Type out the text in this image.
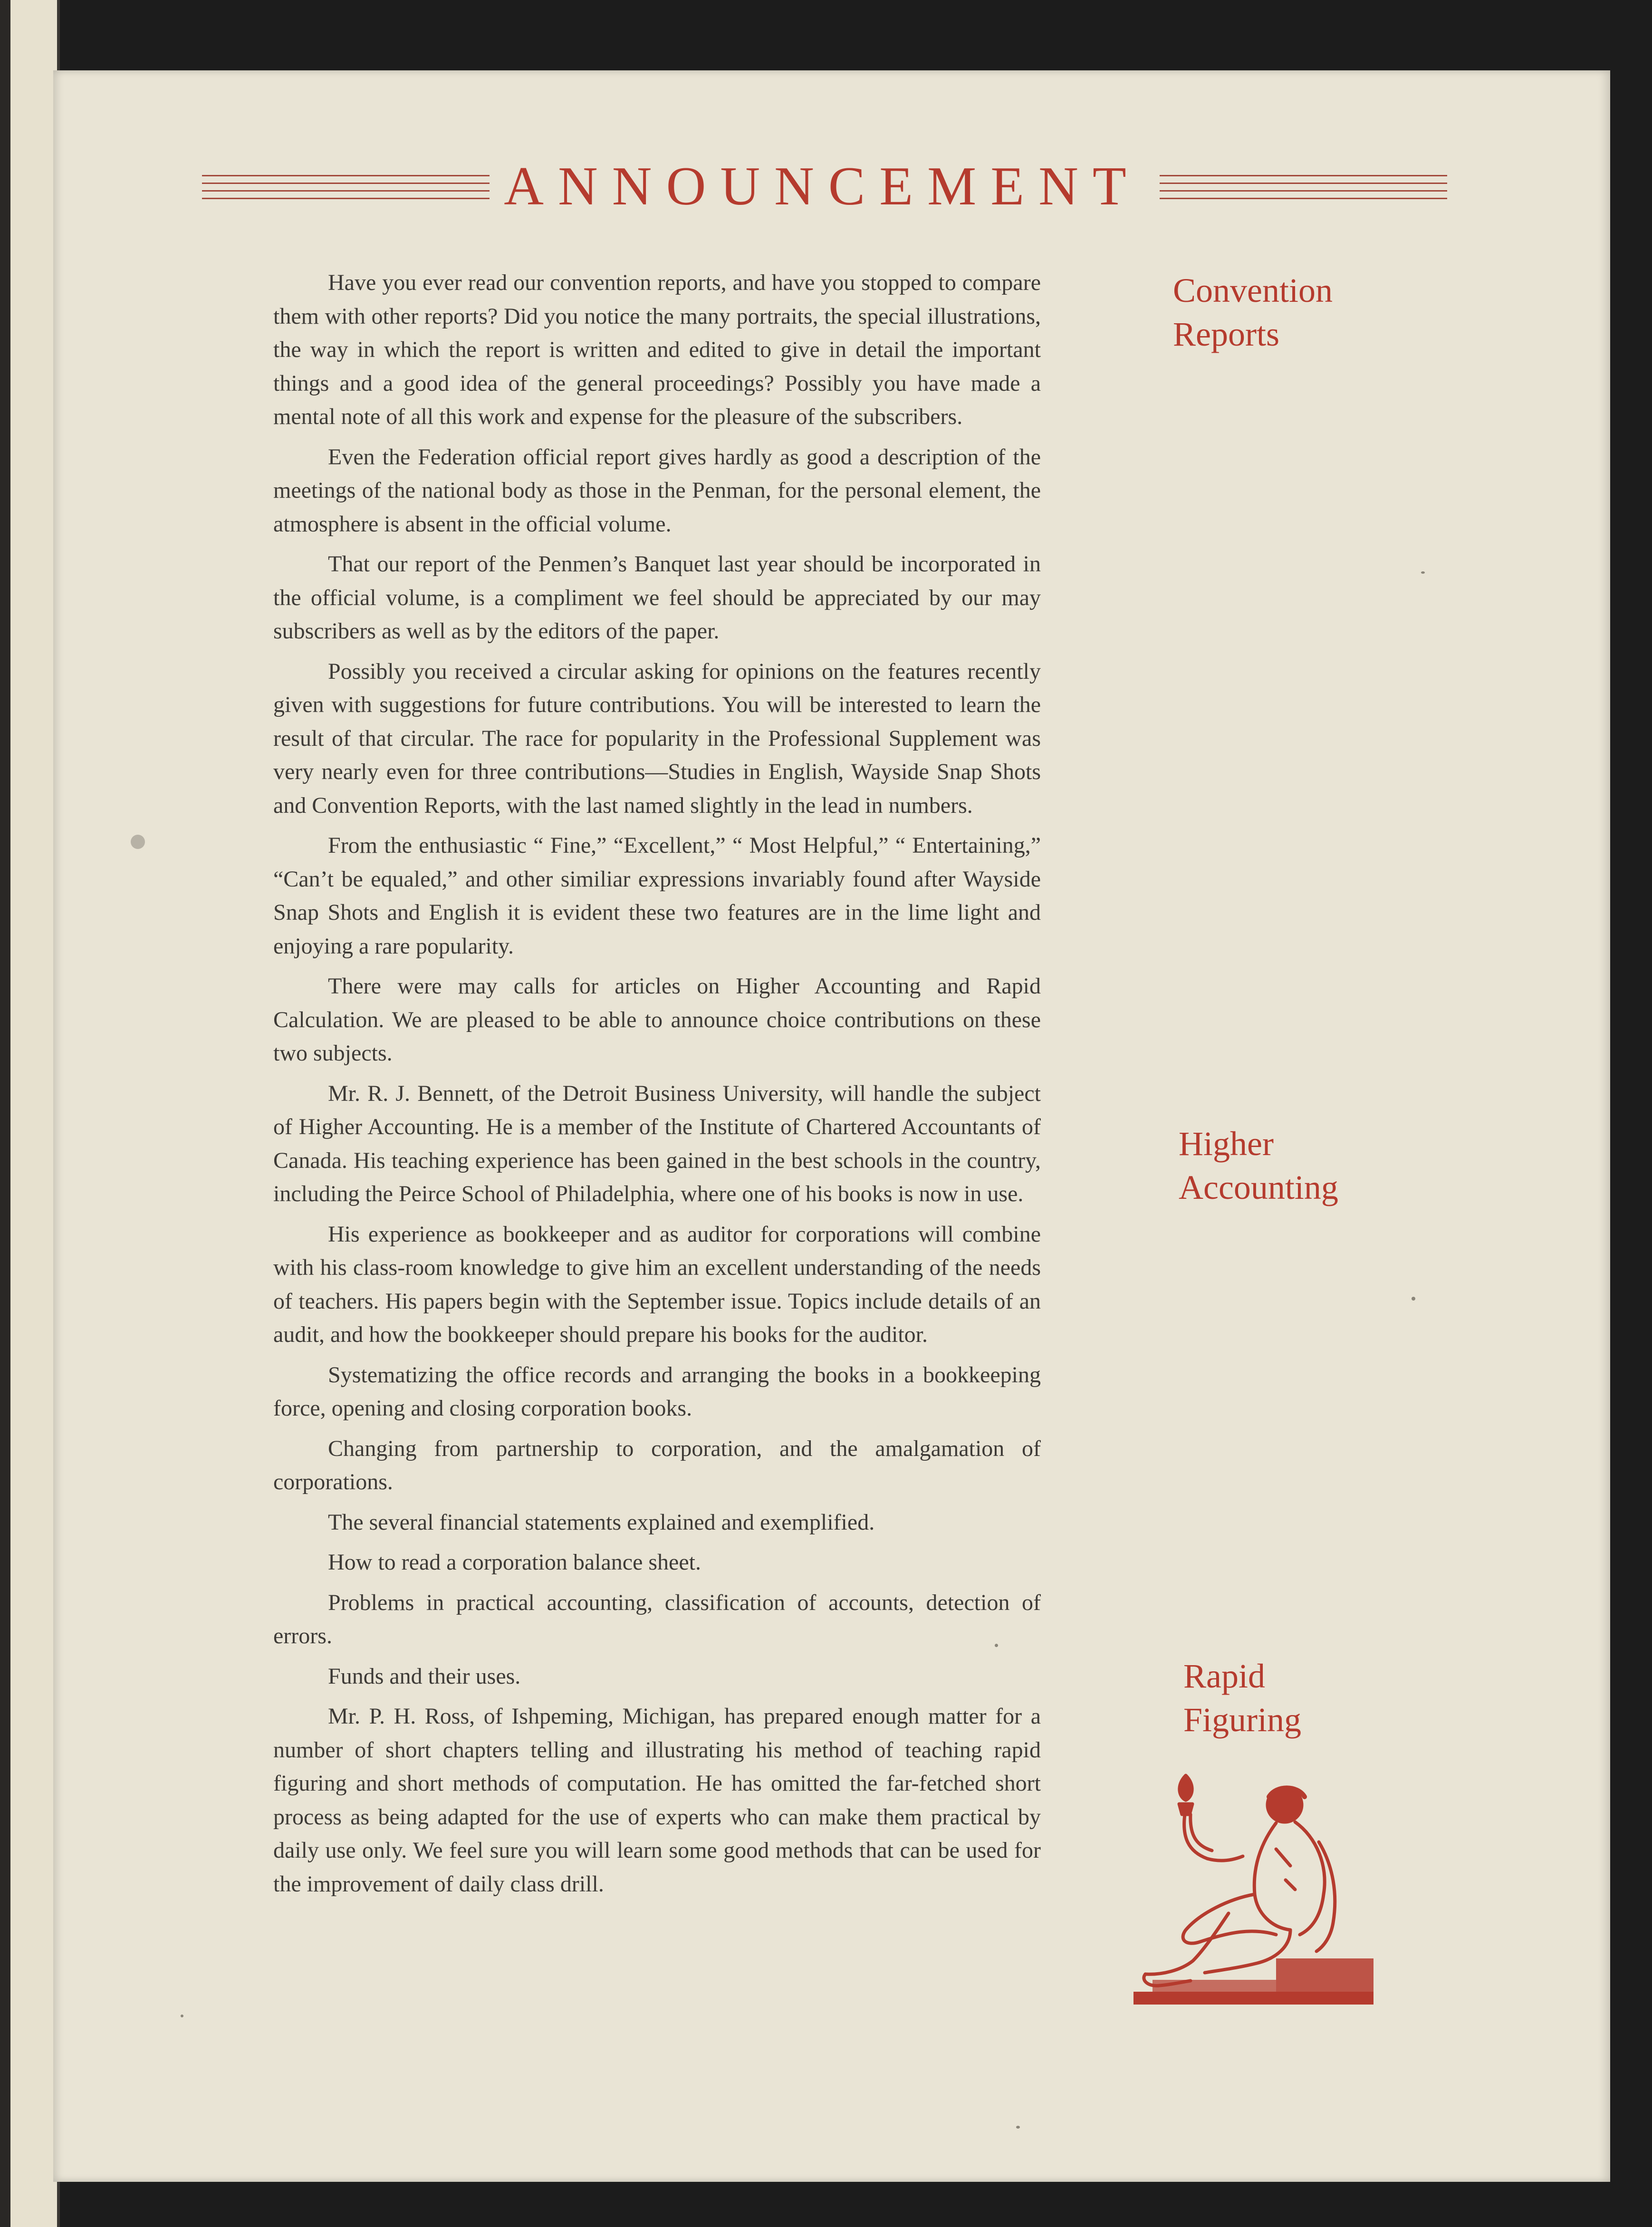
ANNOUNCEMENT

Have you ever read our convention reports, and have you stopped to compare them with other reports? Did you notice the many portraits, the special illustrations, the way in which the report is written and edited to give in detail the important things and a good idea of the general proceedings? Possibly you have made a mental note of all this work and expense for the pleasure of the subscribers.

Even the Federation official report gives hardly as good a description of the meetings of the national body as those in the Penman, for the personal element, the atmosphere is absent in the official volume.

That our report of the Penmen’s Banquet last year should be incorporated in the official volume, is a compliment we feel should be appreciated by our may subscribers as well as by the editors of the paper.

Possibly you received a circular asking for opinions on the features recently given with suggestions for future contributions. You will be interested to learn the result of that circular. The race for popularity in the Professional Supplement was very nearly even for three contributions—Studies in English, Wayside Snap Shots and Convention Reports, with the last named slightly in the lead in numbers.

From the enthusiastic “ Fine,” “Excellent,” “ Most Helpful,” “ Entertaining,” “Can’t be equaled,” and other similiar expressions invariably found after Wayside Snap Shots and English it is evident these two features are in the lime light and enjoying a rare popularity.

There were may calls for articles on Higher Accounting and Rapid Calculation. We are pleased to be able to announce choice contributions on these two subjects.

Mr. R. J. Bennett, of the Detroit Business University, will handle the subject of Higher Accounting. He is a member of the Institute of Chartered Accountants of Canada. His teaching experience has been gained in the best schools in the country, including the Peirce School of Philadelphia, where one of his books is now in use.

His experience as bookkeeper and as auditor for corporations will combine with his class-room knowledge to give him an excellent understanding of the needs of teachers. His papers begin with the September issue. Topics include details of an audit, and how the bookkeeper should prepare his books for the auditor.

Systematizing the office records and arranging the books in a bookkeeping force, opening and closing corporation books.

Changing from partnership to corporation, and the amalgamation of corporations.

The several financial statements explained and exemplified.

How to read a corporation balance sheet.

Problems in practical accounting, classification of accounts, detection of errors.

Funds and their uses.

Mr. P. H. Ross, of Ishpeming, Michigan, has prepared enough matter for a number of short chapters telling and illustrating his method of teaching rapid figuring and short methods of computation. He has omitted the far-fetched short process as being adapted for the use of experts who can make them practical by daily use only. We feel sure you will learn some good methods that can be used for the improvement of daily class drill.

Convention
Reports
Higher
Accounting
Rapid
Figuring
